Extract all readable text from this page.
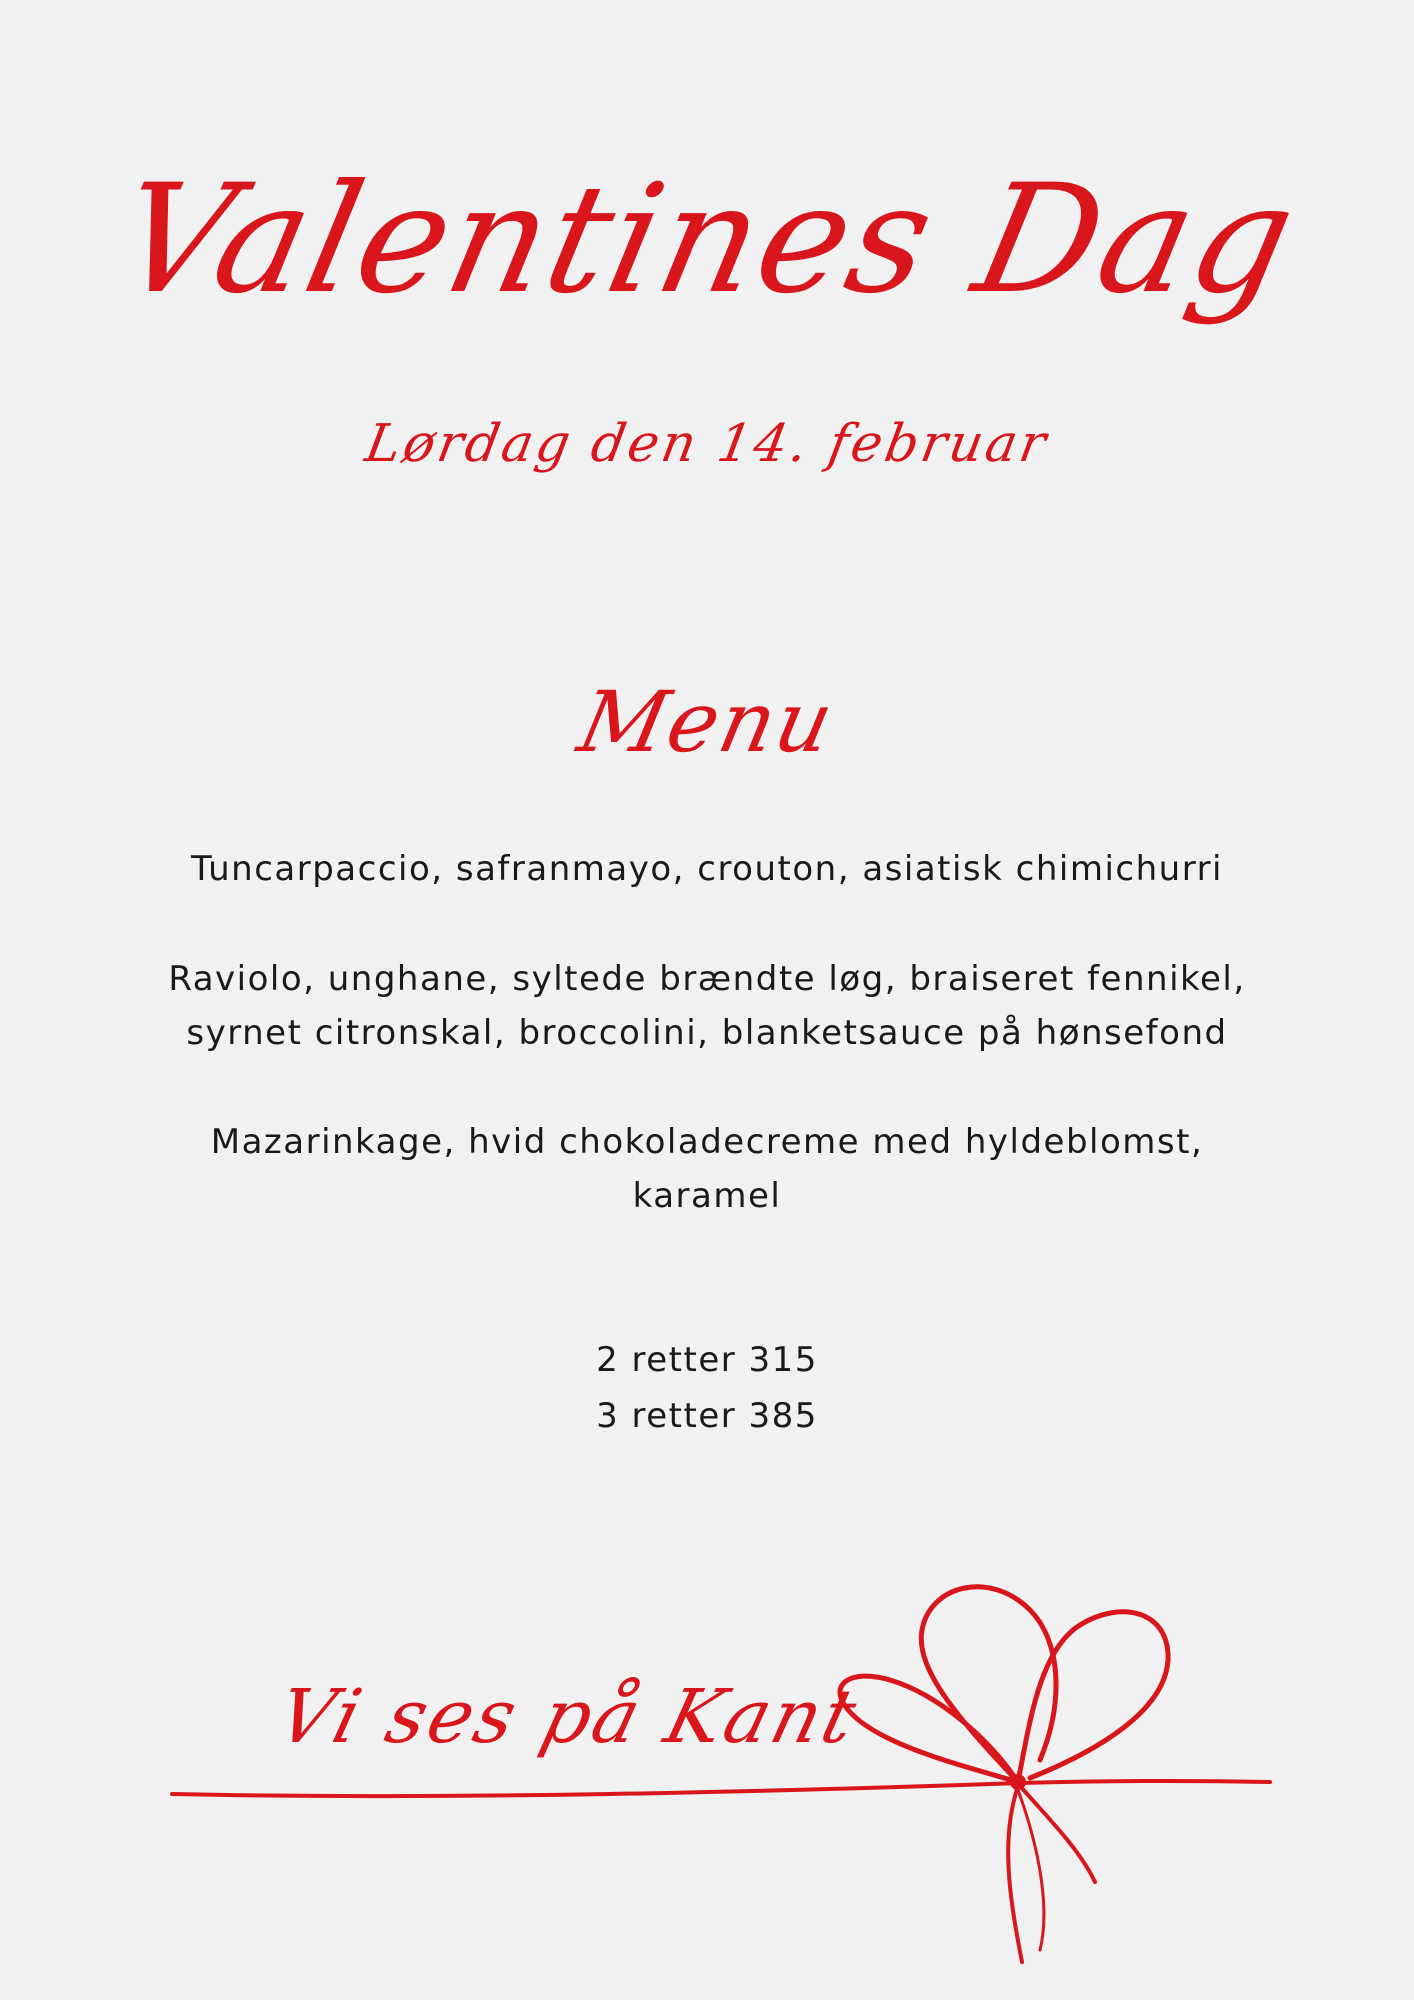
Valentines Dag
Lørdag den 14. februar
Menu
Tuncarpaccio, safranmayo, crouton, asiatisk chimichurri
Raviolo, unghane, syltede brændte løg, braiseret fennikel,
syrnet citronskal, broccolini, blanketsauce på hønsefond
Mazarinkage, hvid chokoladecreme med hyldeblomst,
karamel
2 retter 315
3 retter 385
Vi ses på Kant
